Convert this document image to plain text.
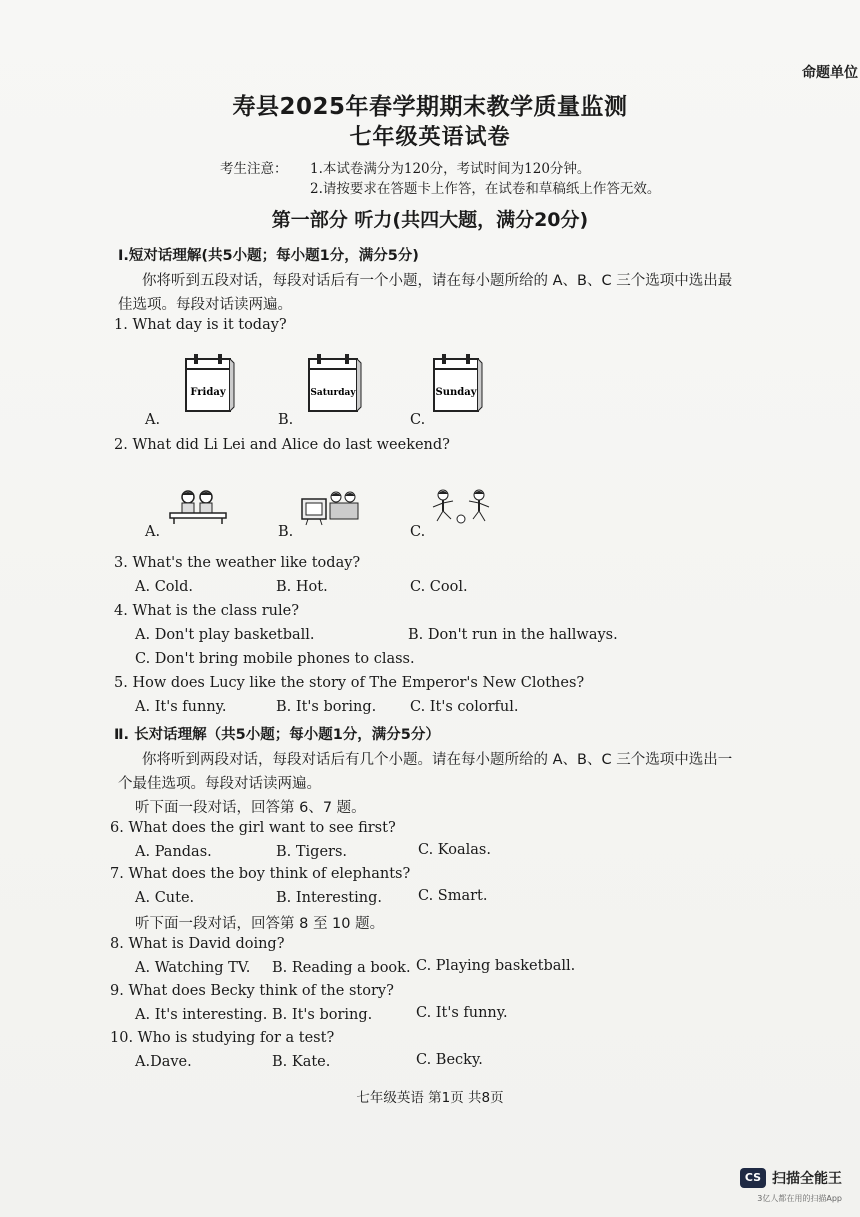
命题单位
寿县2025年春学期期末教学质量监测
七年级英语试卷
考生注意： 1.本试卷满分为120分，考试时间为120分钟。
2.请按要求在答题卡上作答，在试卷和草稿纸上作答无效。
第一部分 听力(共四大题，满分20分)
Ⅰ.短对话理解(共5小题；每小题1分，满分5分)
你将听到五段对话，每段对话后有一个小题，请在每小题所给的 A、B、C 三个选项中选出最
佳选项。每段对话读两遍。
1. What day is it today?
A.	B.	C.
Friday	Saturday	Sunday
2. What did Li Lei and Alice do last weekend?
A.	B.	C.
3. What's the weather like today?
A. Cold.	B. Hot.	C. Cool.
4. What is the class rule?
A. Don't play basketball.	B. Don't run in the hallways.
C. Don't bring mobile phones to class.
5. How does Lucy like the story of The Emperor's New Clothes?
A. It's funny.	B. It's boring. C. It's colorful.
Ⅱ. 长对话理解（共5小题；每小题1分，满分5分）
你将听到两段对话，每段对话后有几个小题。请在每小题所给的 A、B、C 三个选项中选出一
个最佳选项。每段对话读两遍。
听下面一段对话，回答第 6、7 题。
6. What does the girl want to see first?
A. Pandas.	B. Tigers.	C. Koalas.
7. What does the boy think of elephants?
A. Cute.	B. Interesting. C. Smart.
听下面一段对话，回答第 8 至 10 题。
8. What is David doing?
A. Watching TV. B. Reading a book. C. Playing basketball.
9. What does Becky think of the story?
A. It's interesting. B. It's boring.	C. It's funny.
10. Who is studying for a test?
A.Dave.	B. Kate.	C. Becky.
七年级英语 第1页 共8页
CS 扫描全能王
3亿人都在用的扫描App
